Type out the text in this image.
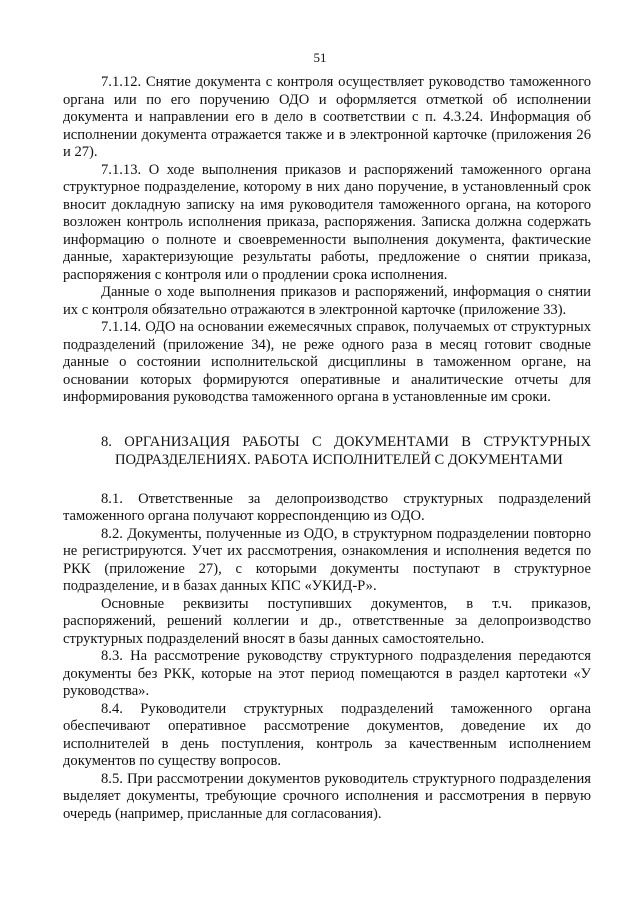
51

7.1.12. Снятие документа с контроля осуществляет руководство таможенного органа или по его поручению ОДО и оформляется отметкой об исполнении документа и направлении его в дело в соответствии с п. 4.3.24. Информация об исполнении документа отражается также и в электронной карточке (приложения 26 и 27).

7.1.13. О ходе выполнения приказов и распоряжений таможенного органа структурное подразделение, которому в них дано поручение, в установленный срок вносит докладную записку на имя руководителя таможенного органа, на которого возложен контроль исполнения приказа, распоряжения. Записка должна содержать информацию о полноте и своевременности выполнения документа, фактические данные, характеризующие результаты работы, предложение о снятии приказа, распоряжения с контроля или о продлении срока исполнения.

Данные о ходе выполнения приказов и распоряжений, информация о снятии их с контроля обязательно отражаются в электронной карточке (приложение 33).

7.1.14. ОДО на основании ежемесячных справок, получаемых от структурных подразделений (приложение 34), не реже одного раза в месяц готовит сводные данные о состоянии исполнительской дисциплины в таможенном органе, на основании которых формируются оперативные и аналитические отчеты для информирования руководства таможенного органа в установленные им сроки.

8. ОРГАНИЗАЦИЯ РАБОТЫ С ДОКУМЕНТАМИ В СТРУКТУРНЫХ
ПОДРАЗДЕЛЕНИЯХ. РАБОТА ИСПОЛНИТЕЛЕЙ С ДОКУМЕНТАМИ

8.1. Ответственные за делопроизводство структурных подразделений таможенного органа получают корреспонденцию из ОДО.

8.2. Документы, полученные из ОДО, в структурном подразделении повторно не регистрируются. Учет их рассмотрения, ознакомления и исполнения ведется по РКК (приложение 27), с которыми документы поступают в структурное подразделение, и в базах данных КПС «УКИД-Р».

Основные реквизиты поступивших документов, в т.ч. приказов, распоряжений, решений коллегии и др., ответственные за делопроизводство структурных подразделений вносят в базы данных самостоятельно.

8.3. На рассмотрение руководству структурного подразделения передаются документы без РКК, которые на этот период помещаются в раздел картотеки «У руководства».

8.4. Руководители структурных подразделений таможенного органа обеспечивают оперативное рассмотрение документов, доведение их до исполнителей в день поступления, контроль за качественным исполнением документов по существу вопросов.

8.5. При рассмотрении документов руководитель структурного подразделения выделяет документы, требующие срочного исполнения и рассмотрения в первую очередь (например, присланные для согласования).
